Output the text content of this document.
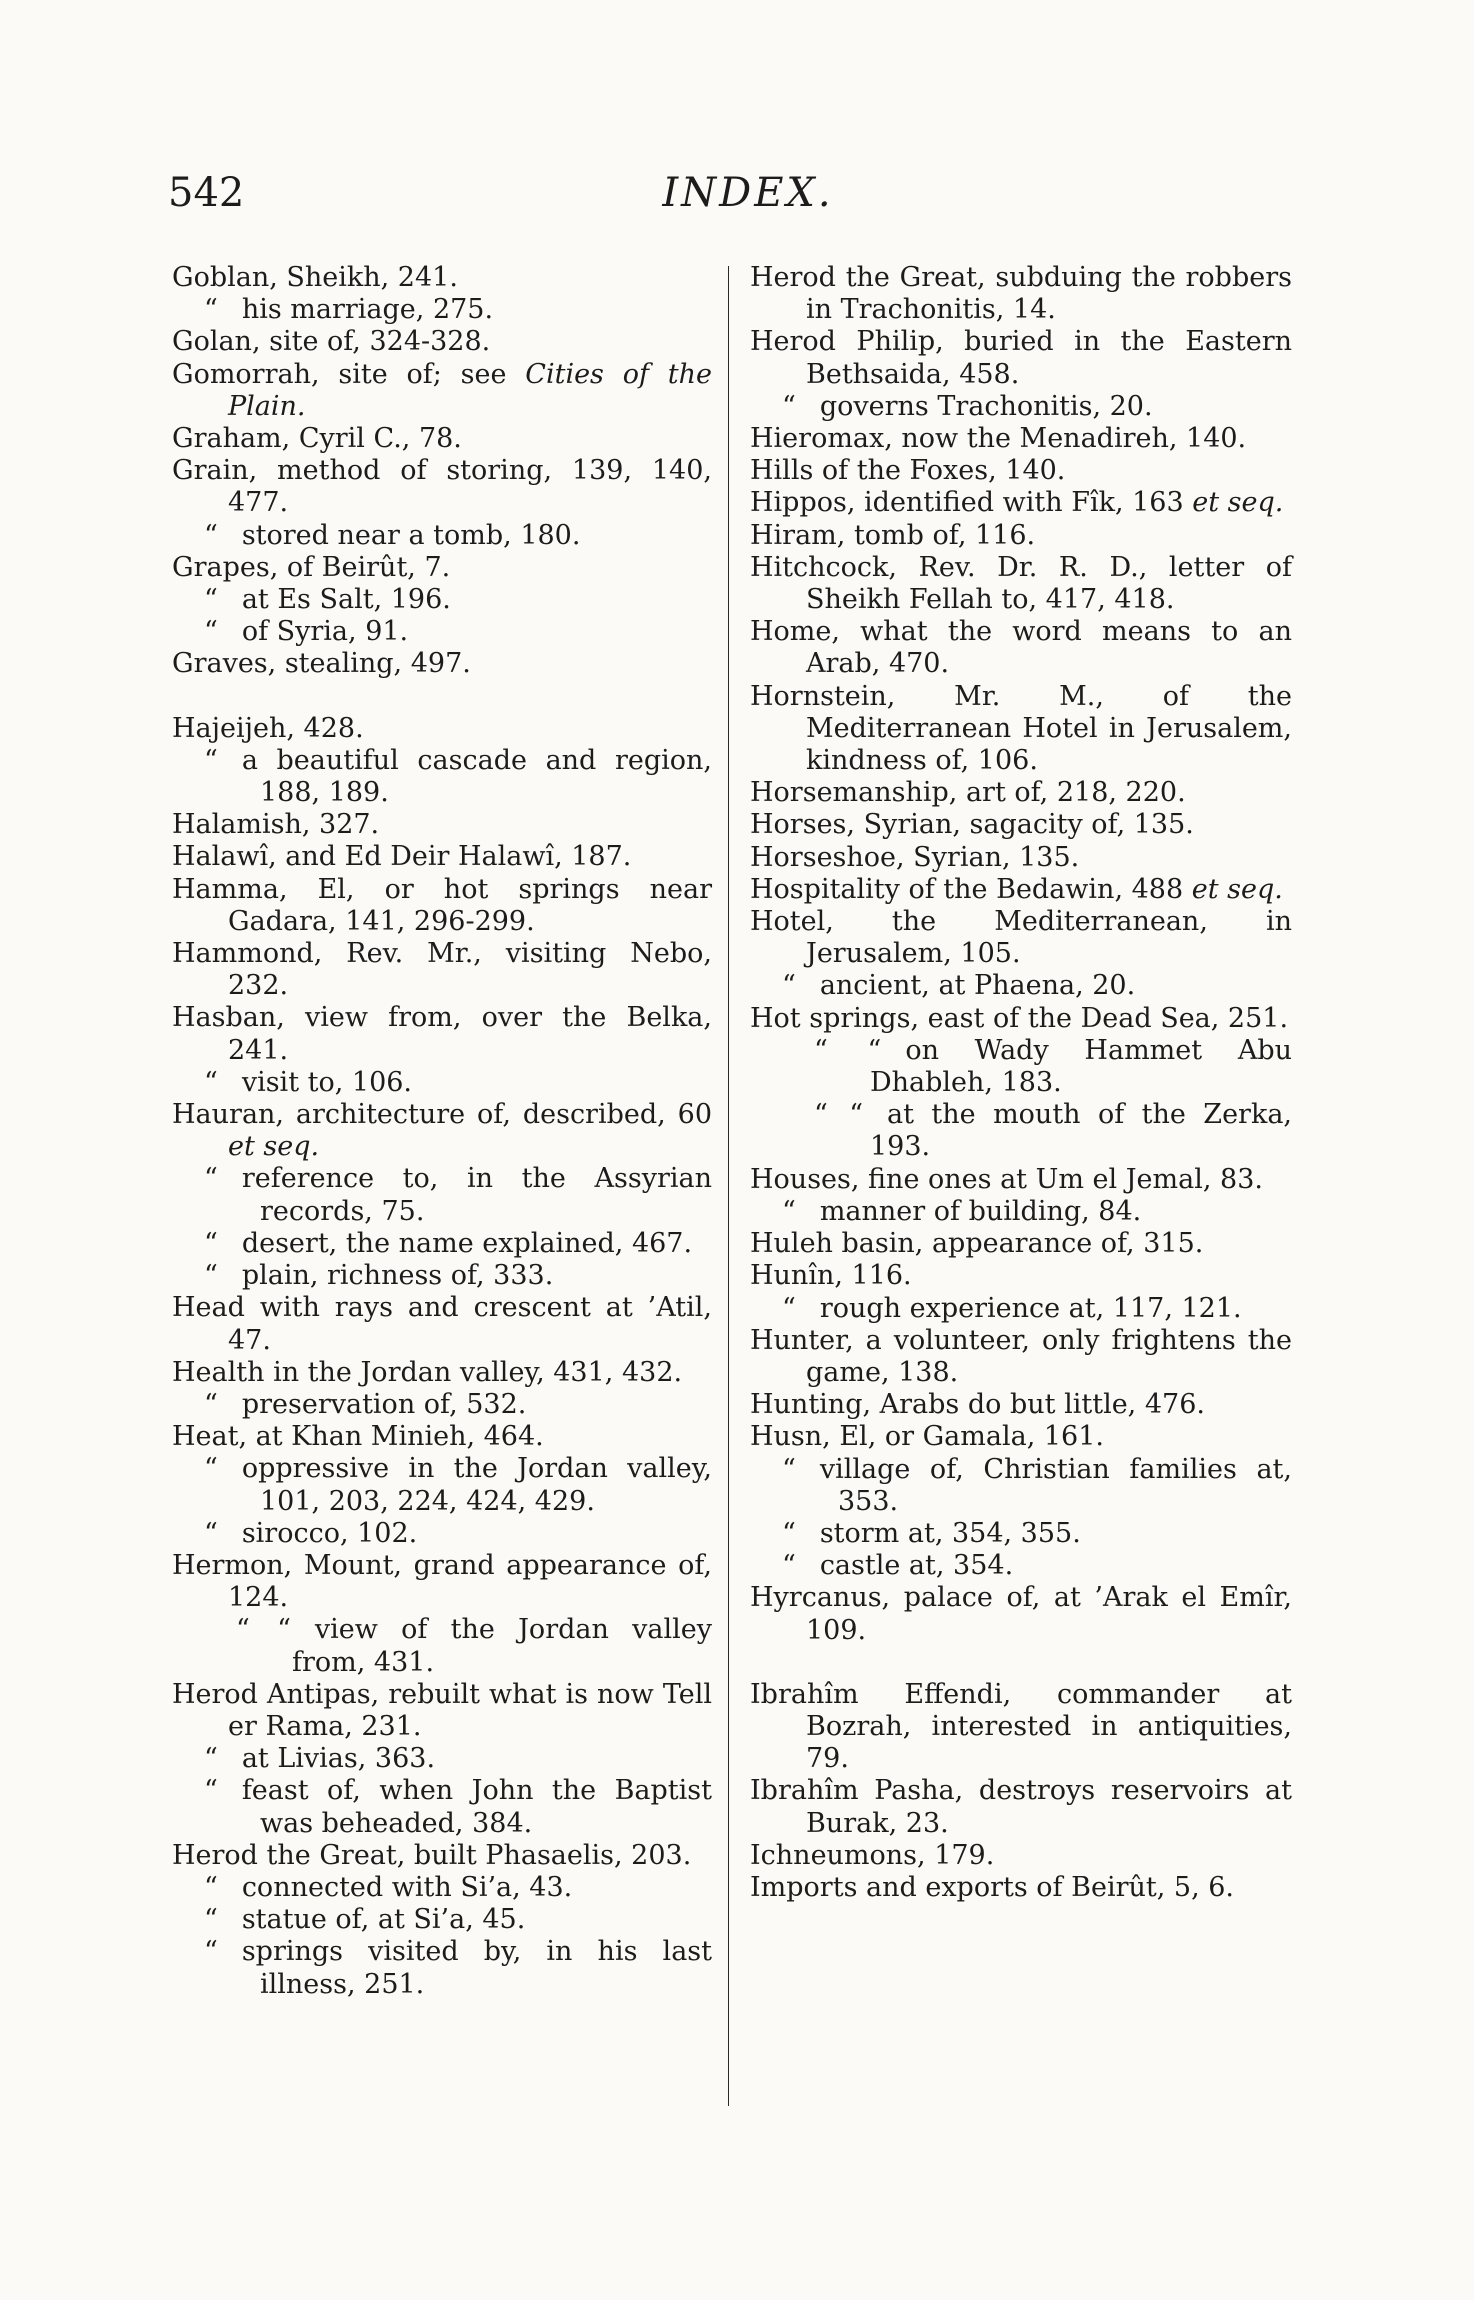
542	INDEX.
Goblan, Sheikh, 241.
“ his marriage, 275.
Golan, site of, 324-328.
Gomorrah, site of; see Cities of the Plain.
Graham, Cyril C., 78.
Grain, method of storing, 139, 140, 477.
“ stored near a tomb, 180.
Grapes, of Beirût, 7.
“ at Es Salt, 196.
“ of Syria, 91.
Graves, stealing, 497.
Hajeijeh, 428.
“ a beautiful cascade and region, 188, 189.
Halamish, 327.
Halawî, and Ed Deir Halawî, 187.
Hamma, El, or hot springs near Gadara, 141, 296-299.
Hammond, Rev. Mr., visiting Nebo, 232.
Hasban, view from, over the Belka, 241.
“ visit to, 106.
Hauran, architecture of, described, 60 et seq.
“ reference to, in the Assyrian records, 75.
“ desert, the name explained, 467.
“ plain, richness of, 333.
Head with rays and crescent at ’Atil, 47.
Health in the Jordan valley, 431, 432.
“ preservation of, 532.
Heat, at Khan Minieh, 464.
“ oppressive in the Jordan valley, 101, 203, 224, 424, 429.
“ sirocco, 102.
Hermon, Mount, grand appearance of, 124.
“ “ view of the Jordan valley from, 431.
Herod Antipas, rebuilt what is now Tell er Rama, 231.
“ at Livias, 363.
“ feast of, when John the Baptist was beheaded, 384.
Herod the Great, built Phasaelis, 203.
“ connected with Si’a, 43.
“ statue of, at Si’a, 45.
“ springs visited by, in his last illness, 251.
Herod the Great, subduing the robbers in Trachonitis, 14.
Herod Philip, buried in the Eastern Bethsaida, 458.
“ governs Trachonitis, 20.
Hieromax, now the Menadireh, 140.
Hills of the Foxes, 140.
Hippos, identified with Fîk, 163 et seq.
Hiram, tomb of, 116.
Hitchcock, Rev. Dr. R. D., letter of Sheikh Fellah to, 417, 418.
Home, what the word means to an Arab, 470.
Hornstein, Mr. M., of the Mediterranean Hotel in Jerusalem, kindness of, 106.
Horsemanship, art of, 218, 220.
Horses, Syrian, sagacity of, 135.
Horseshoe, Syrian, 135.
Hospitality of the Bedawin, 488 et seq.
Hotel, the Mediterranean, in Jerusalem, 105.
“ ancient, at Phaena, 20.
Hot springs, east of the Dead Sea, 251.
“ “ on Wady Hammet Abu Dhableh, 183.
“ “ at the mouth of the Zerka, 193.
Houses, fine ones at Um el Jemal, 83.
“ manner of building, 84.
Huleh basin, appearance of, 315.
Hunîn, 116.
“ rough experience at, 117, 121.
Hunter, a volunteer, only frightens the game, 138.
Hunting, Arabs do but little, 476.
Husn, El, or Gamala, 161.
“ village of, Christian families at, 353.
“ storm at, 354, 355.
“ castle at, 354.
Hyrcanus, palace of, at ’Arak el Emîr, 109.
Ibrahîm Effendi, commander at Bozrah, interested in antiquities, 79.
Ibrahîm Pasha, destroys reservoirs at Burak, 23.
Ichneumons, 179.
Imports and exports of Beirût, 5, 6.
